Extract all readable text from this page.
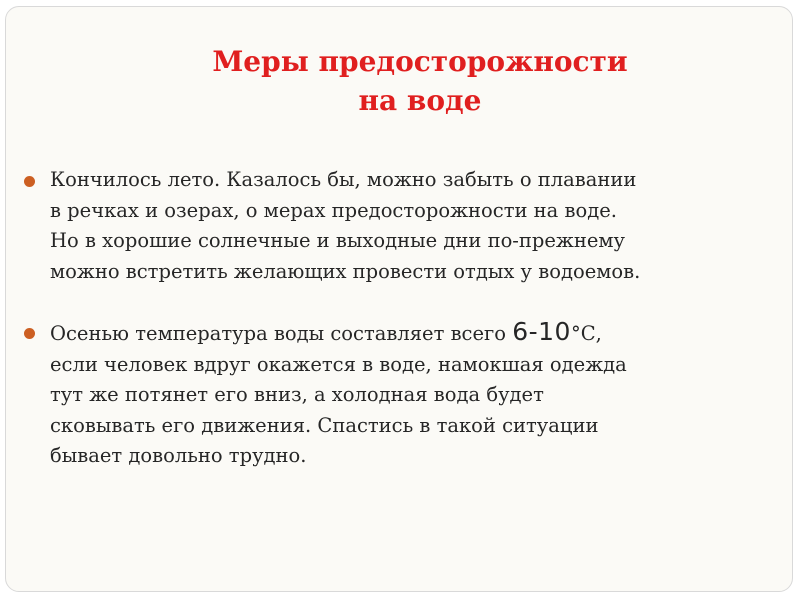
Меры предосторожности
на воде
Кончилось лето. Казалось бы, можно забыть о плавании
в речках и озерах, о мерах предосторожности на воде.
Но в хорошие солнечные и выходные дни по-прежнему
можно встретить желающих провести отдых у водоемов.
Осенью температура воды составляет всего 6-10°С,
если человек вдруг окажется в воде, намокшая одежда
тут же потянет его вниз, а холодная вода будет
сковывать его движения. Спастись в такой ситуации
бывает довольно трудно.
